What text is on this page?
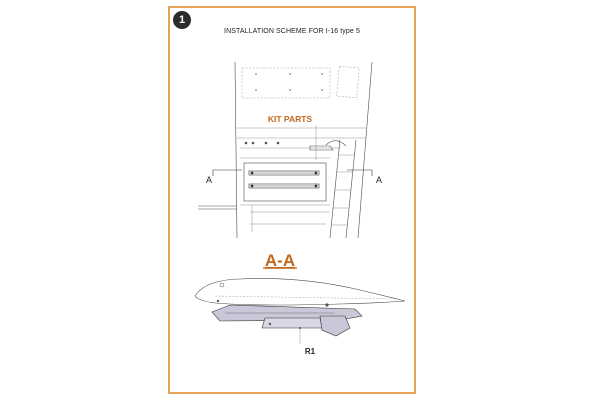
1
INSTALLATION SCHEME FOR I-16 type 5
KIT PARTS
A	A
A-A
R1
